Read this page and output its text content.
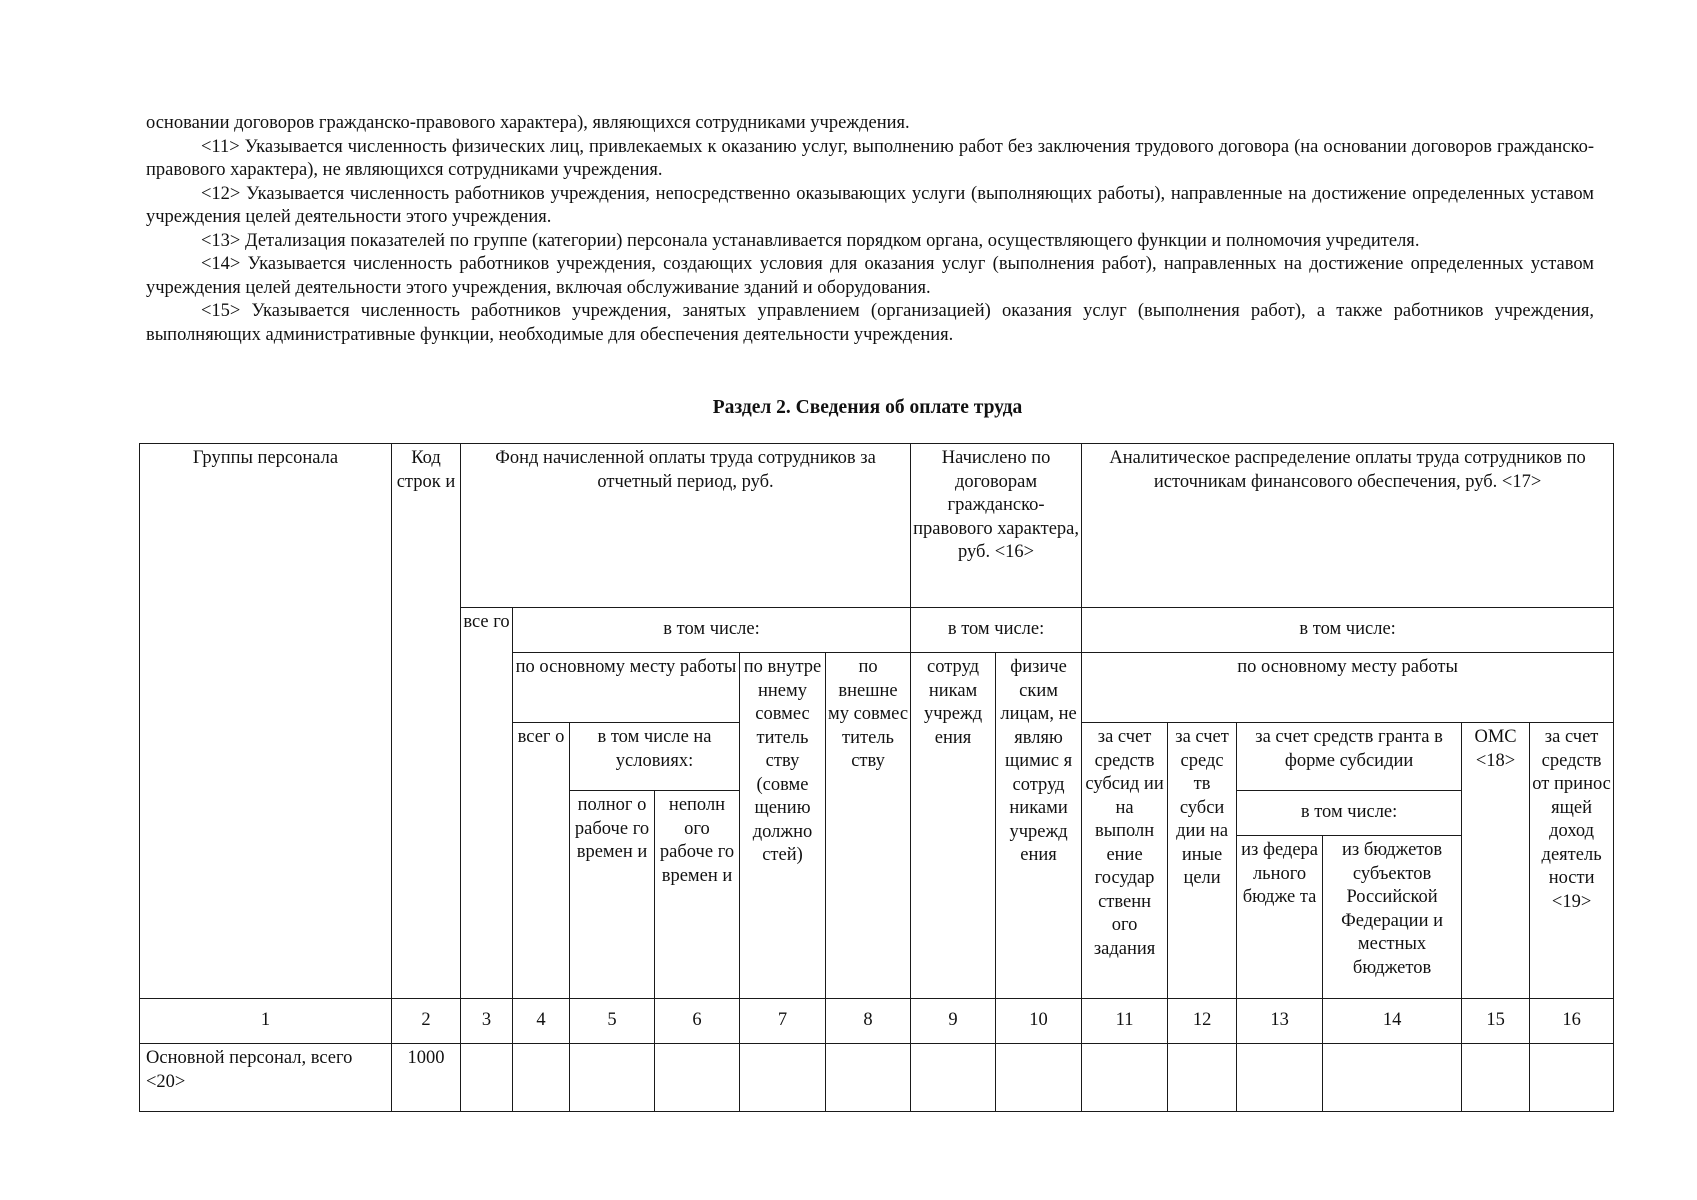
основании договоров гражданско-правового характера), являющихся сотрудниками учреждения.

<11> Указывается численность физических лиц, привлекаемых к оказанию услуг, выполнению работ без заключения трудового договора (на основании договоров гражданско-правового характера), не являющихся сотрудниками учреждения.

<12> Указывается численность работников учреждения, непосредственно оказывающих услуги (выполняющих работы), направленные на достижение определенных уставом учреждения целей деятельности этого учреждения.

<13> Детализация показателей по группе (категории) персонала устанавливается порядком органа, осуществляющего функции и полномочия учредителя.

<14> Указывается численность работников учреждения, создающих условия для оказания услуг (выполнения работ), направленных на достижение определенных уставом учреждения целей деятельности этого учреждения, включая обслуживание зданий и оборудования.

<15> Указывается численность работников учреждения, занятых управлением (организацией) оказания услуг (выполнения работ), а также работников учреждения, выполняющих административные функции, необходимые для обеспечения деятельности учреждения.

Раздел 2. Сведения об оплате труда
Группы персонала	Код строк и	Фонд начисленной оплаты труда сотрудников за отчетный период, руб.						Начислено по договорам гражданско-правового характера, руб. <16>		Аналитическое распределение оплаты труда сотрудников по источникам финансового обеспечения, руб. <17>					
		все го	в том числе:					в том числе:		в том числе:					
			по основному месту работы			по внутре ннему совмес титель ству (совме щению должно стей)	по внешне му совмес титель ству	сотруд никам учрежд ения	физиче ским лицам, не являю щимис я сотруд никами учрежд ения	по основному месту работы					
			всег о	в том числе на условиях:						за счет средств субсид ии на выполн ение государ ственн ого задания	за счет средс тв субси дии на иные цели	за счет средств гранта в форме субсидии		ОМС <18>	за счет средств от принос ящей доход деятель ности <19>
				полног о рабоче го времен и	неполн ого рабоче го времен и							в том числе:			
												из федера льного бюдже та	из бюджетов субъектов Российской Федерации и местных бюджетов		
1	2	3	4	5	6	7	8	9	10	11	12	13	14	15	16
Основной персонал, всего <20>	1000														
